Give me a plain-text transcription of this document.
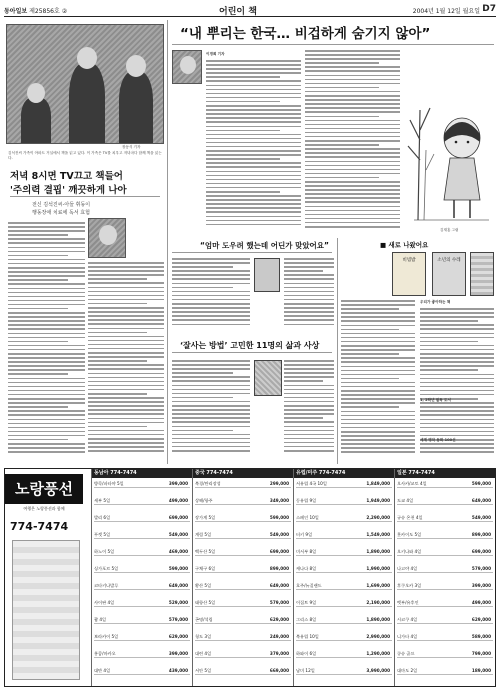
동아일보 제25856호 ②	어린이 책	2004년 1월 12일 월요일 D7
장동식 기자
김석진씨 가족이 아파트 거실에서 책을 읽고 있다. 이 가족은 TV를 치우고 저녁마다 함께 책을 읽는다.
저녁 8시면 TV끄고 책들어
'주의력 결핍' 깨끗하게 나아
전신 김석진씨-아들 휘동이
행동장애 치료에 독서 효험
“내 뿌리는 한국… 비겁하게 숨기지 않아”
이경희 기자
김재홍 그림
“엄마 도우려 했는데 어딘가 맞았어요”
‘잘사는 방법’ 고민한 11명의 삶과 사상
■ 새로 나왔어요
비빔밥	소년의 수레
우리가 좋아하는 책
1, 2학년 필독 도서
세계 명작 동화 100선
동남아 774-7474
방콕/파타야 5일	399,000
세부 5일	499,000
발리 6일	699,000
푸켓 5일	549,000
하노이 5일	469,000
싱가포르 5일	599,000
코타키나발루	649,000
사이판 4일	529,000
괌 4일	579,000
보라카이 5일	629,000
홍콩/마카오	399,000
대만 4일	439,000
중국 774-7474
북경/만리장성	299,000
상해/항주	349,000
장가계 5일	599,000
계림 5일	549,000
백두산 5일	699,000
구채구 6일	899,000
황산 5일	649,000
태항산 5일	579,000
곤명/석림	629,000
청도 3일	249,000
대련 4일	379,000
서안 5일	669,000
유럽/미주 774-7474
서유럽 4국 10일	1,849,000
동유럽 9일	1,949,000
스페인 10일	2,290,000
터키 9일	1,549,000
미서부 8일	1,890,000
캐나다 8일	1,990,000
호주/뉴질랜드	1,699,000
이집트 9일	2,190,000
그리스 8일	1,890,000
북유럽 10일	2,990,000
하와이 6일	1,290,000
남미 12일	3,990,000
일본 774-7474
오사카/교토 4일	599,000
도쿄 4일	649,000
규슈 온천 4일	549,000
홋카이도 5일	899,000
오키나와 4일	699,000
나고야 4일	579,000
후쿠오카 3일	399,000
벳부/유후인	499,000
시코쿠 4일	629,000
니가타 4일	589,000
큐슈 골프	799,000
대마도 2일	189,000
노랑풍선
여행은 노랑풍선과 함께
774-7474
